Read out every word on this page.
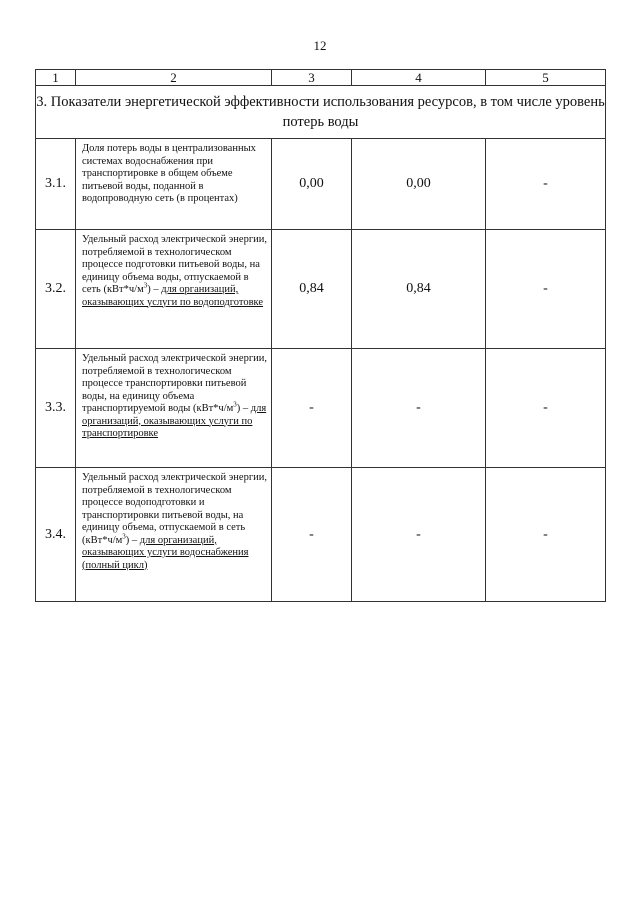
12
1	2	3	4	5
3. Показатели энергетической эффективности использования ресурсов, в том числе уровень потерь воды				
3.1.	Доля потерь воды в централизованных системах водоснабжения при транспортировке в общем объеме питьевой воды, поданной в водопроводную сеть (в процентах)	0,00	0,00	-
3.2.	Удельный расход электрической энергии, потребляемой в технологическом процессе подготовки питьевой воды, на единицу объема воды, отпускаемой в сеть $(кВт*ч/м^3)$ – для организаций, оказывающих услуги по водоподготовке	0,84	0,84	-
3.3.	Удельный расход электрической энергии, потребляемой в технологическом процессе транспортировки питьевой воды, на единицу объема транспортируемой воды $(кВт*ч/м^3)$ – для организаций, оказывающих услуги по транспортировке	-	-	-
3.4.	Удельный расход электрической энергии, потребляемой в технологическом процессе водоподготовки и транспортировки питьевой воды, на единицу объема, отпускаемой в сеть $(кВт*ч/м^3)$ – для организаций, оказывающих услуги водоснабжения (полный цикл)	-	-	-
